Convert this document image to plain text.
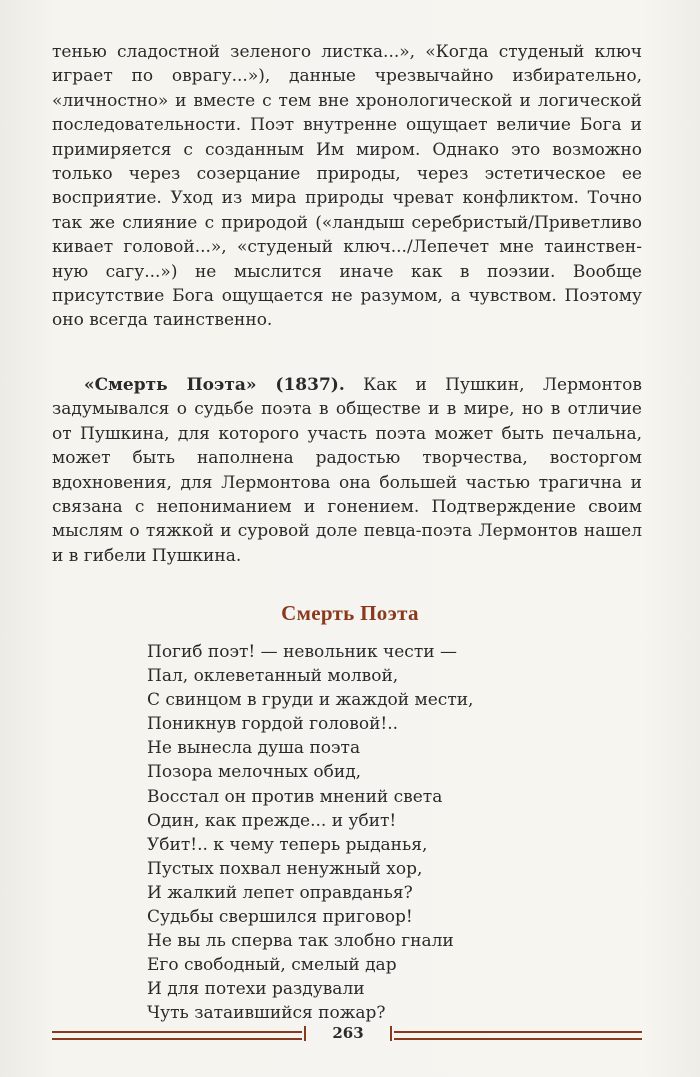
тенью сладостной зеленого листка...», «Когда студеный ключ играет по оврагу...»), данные чрезвычайно избирательно, «личностно» и вместе с тем вне хронологической и логической последовательности. Поэт внутренне ощущает величие Бога и примиряется с созданным Им миром. Однако это возможно только через созерцание природы, через эстетическое ее восприятие. Уход из мира природы чреват конфликтом. Точно так же слияние с природой («ландыш серебристый/Приветливо кивает головой...», «студеный ключ.../Лепечет мне таинственную сагу...») не мыслится иначе как в поэзии. Вообще присутствие Бога ощущается не разумом, а чувством. Поэтому оно всегда таинственно.

«Смерть Поэта» (1837). Как и Пушкин, Лермонтов задумывался о судьбе поэта в обществе и в мире, но в отличие от Пушкина, для которого участь поэта может быть печальна, может быть наполнена радостью творчества, восторгом вдохновения, для Лермонтова она большей частью трагична и связана с непониманием и гонением. Подтверждение своим мыслям о тяжкой и суровой доле певца-поэта Лермонтов нашел и в гибели Пушкина.

Смерть Поэта
Погиб поэт! — невольник чести —
Пал, оклеветанный молвой,
С свинцом в груди и жаждой мести,
Поникнув гордой головой!..
Не вынесла душа поэта
Позора мелочных обид,
Восстал он против мнений света
Один, как прежде... и убит!
Убит!.. к чему теперь рыданья,
Пустых похвал ненужный хор,
И жалкий лепет оправданья?
Судьбы свершился приговор!
Не вы ль сперва так злобно гнали
Его свободный, смелый дар
И для потехи раздували
Чуть затаившийся пожар?
263
